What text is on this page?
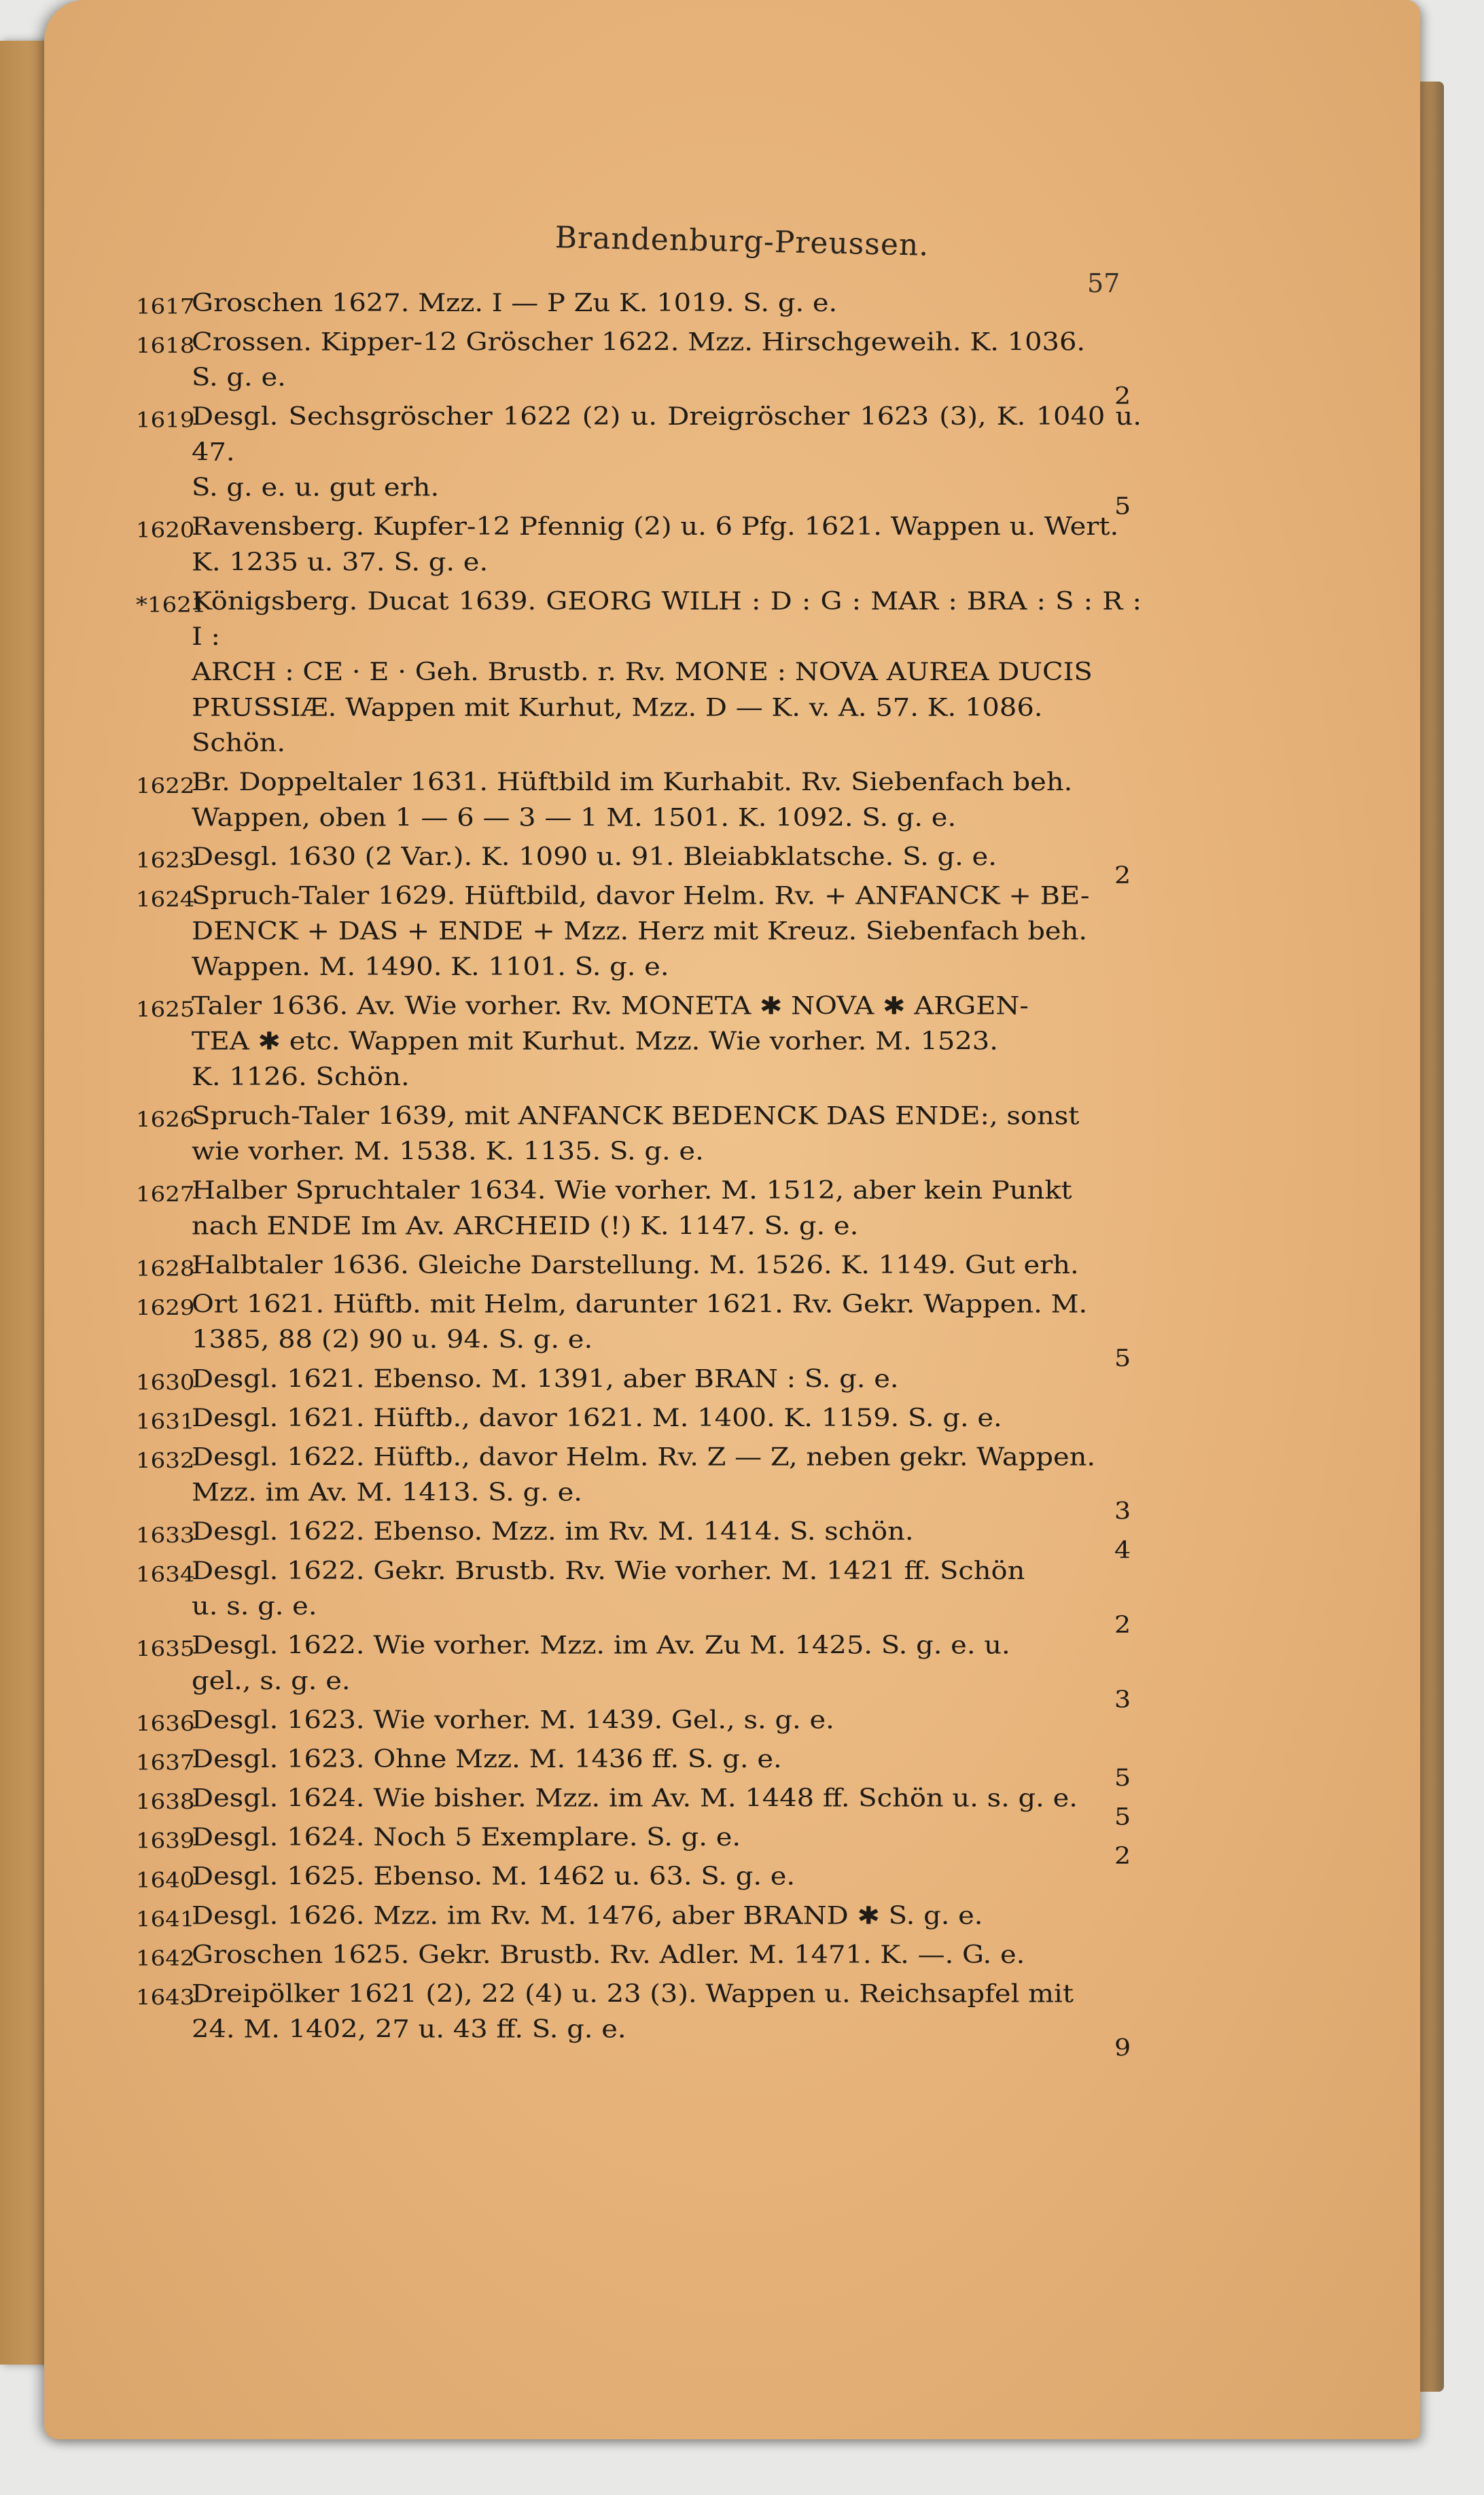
Brandenburg-Preussen.
57
1617
Groschen 1627. Mzz. I — P Zu K. 1019. S. g. e.
1618
Crossen. Kipper-12 Gröscher 1622. Mzz. Hirschgeweih. K. 1036.
S. g. e.
2
1619
Desgl. Sechsgröscher 1622 (2) u. Dreigröscher 1623 (3), K. 1040 u. 47.
S. g. e. u. gut erh.
5
1620
Ravensberg. Kupfer-12 Pfennig (2) u. 6 Pfg. 1621. Wappen u. Wert.
K. 1235 u. 37. S. g. e.
*1621
Königsberg. Ducat 1639. GEORG WILH : D : G : MAR : BRA : S : R : I :
ARCH : CE · E · Geh. Brustb. r. Rv. MONE : NOVA AUREA DUCIS
PRUSSIÆ. Wappen mit Kurhut, Mzz. D — K. v. A. 57. K. 1086.
Schön.
1622
Br. Doppeltaler 1631. Hüftbild im Kurhabit. Rv. Siebenfach beh.
Wappen, oben 1 — 6 — 3 — 1 M. 1501. K. 1092. S. g. e.
1623
Desgl. 1630 (2 Var.). K. 1090 u. 91. Bleiabklatsche. S. g. e.
2
1624
Spruch-Taler 1629. Hüftbild, davor Helm. Rv. + ANFANCK + BE-
DENCK + DAS + ENDE + Mzz. Herz mit Kreuz. Siebenfach beh.
Wappen. M. 1490. K. 1101. S. g. e.
1625
Taler 1636. Av. Wie vorher. Rv. MONETA ✱ NOVA ✱ ARGEN-
TEA ✱ etc. Wappen mit Kurhut. Mzz. Wie vorher. M. 1523.
K. 1126. Schön.
1626
Spruch-Taler 1639, mit ANFANCK BEDENCK DAS ENDE:, sonst
wie vorher. M. 1538. K. 1135. S. g. e.
1627
Halber Spruchtaler 1634. Wie vorher. M. 1512, aber kein Punkt
nach ENDE Im Av. ARCHEID (!) K. 1147. S. g. e.
1628
Halbtaler 1636. Gleiche Darstellung. M. 1526. K. 1149. Gut erh.
1629
Ort 1621. Hüftb. mit Helm, darunter 1621. Rv. Gekr. Wappen. M.
1385, 88 (2) 90 u. 94. S. g. e.
5
1630
Desgl. 1621. Ebenso. M. 1391, aber BRAN : S. g. e.
1631
Desgl. 1621. Hüftb., davor 1621. M. 1400. K. 1159. S. g. e.
1632
Desgl. 1622. Hüftb., davor Helm. Rv. Z — Z, neben gekr. Wappen.
Mzz. im Av. M. 1413. S. g. e.
3
1633
Desgl. 1622. Ebenso. Mzz. im Rv. M. 1414. S. schön.
4
1634
Desgl. 1622. Gekr. Brustb. Rv. Wie vorher. M. 1421 ff. Schön
u. s. g. e.
2
1635
Desgl. 1622. Wie vorher. Mzz. im Av. Zu M. 1425. S. g. e. u.
gel., s. g. e.
3
1636
Desgl. 1623. Wie vorher. M. 1439. Gel., s. g. e.
1637
Desgl. 1623. Ohne Mzz. M. 1436 ff. S. g. e.
5
1638
Desgl. 1624. Wie bisher. Mzz. im Av. M. 1448 ff. Schön u. s. g. e.
5
1639
Desgl. 1624. Noch 5 Exemplare. S. g. e.
2
1640
Desgl. 1625. Ebenso. M. 1462 u. 63. S. g. e.
1641
Desgl. 1626. Mzz. im Rv. M. 1476, aber BRAND ✱ S. g. e.
1642
Groschen 1625. Gekr. Brustb. Rv. Adler. M. 1471. K. —. G. e.
1643
Dreipölker 1621 (2), 22 (4) u. 23 (3). Wappen u. Reichsapfel mit
24. M. 1402, 27 u. 43 ff. S. g. e.
9
